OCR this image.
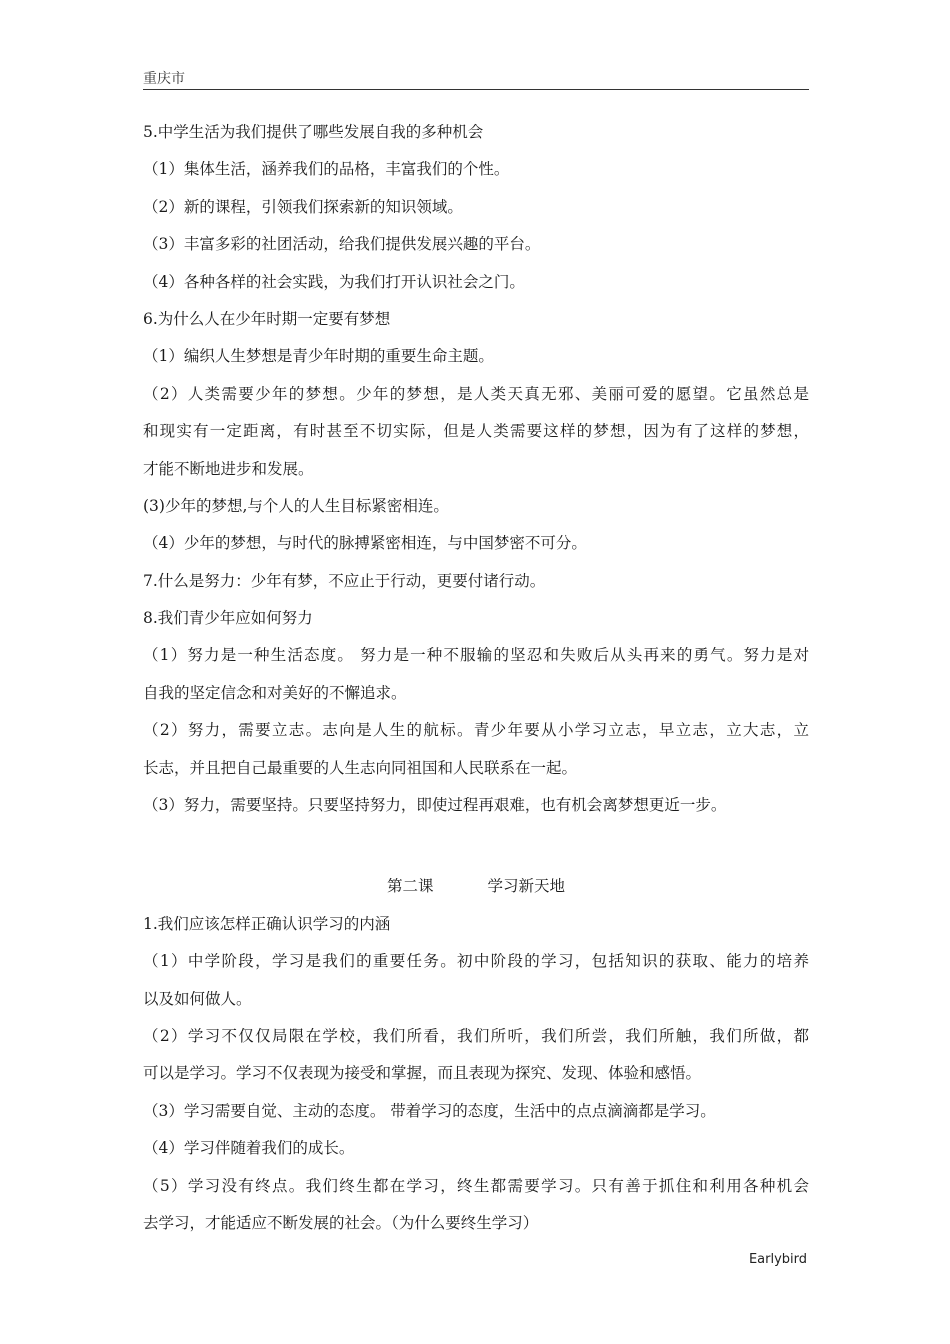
重庆市
5.中学生活为我们提供了哪些发展自我的多种机会
（1）集体生活，涵养我们的品格，丰富我们的个性。
（2）新的课程，引领我们探索新的知识领域。
（3）丰富多彩的社团活动，给我们提供发展兴趣的平台。
（4）各种各样的社会实践，为我们打开认识社会之门。
6.为什么人在少年时期一定要有梦想
（1）编织人生梦想是青少年时期的重要生命主题。
（2）人类需要少年的梦想。少年的梦想，是人类天真无邪、美丽可爱的愿望。它虽然总是
和现实有一定距离，有时甚至不切实际，但是人类需要这样的梦想，因为有了这样的梦想，
才能不断地进步和发展。
(3)少年的梦想,与个人的人生目标紧密相连。
（4）少年的梦想，与时代的脉搏紧密相连，与中国梦密不可分。
7.什么是努力：少年有梦，不应止于行动，更要付诸行动。
8.我们青少年应如何努力
（1）努力是一种生活态度。 努力是一种不服输的坚忍和失败后从头再来的勇气。努力是对
自我的坚定信念和对美好的不懈追求。
（2）努力，需要立志。志向是人生的航标。青少年要从小学习立志，早立志，立大志，立
长志，并且把自己最重要的人生志向同祖国和人民联系在一起。
（3）努力，需要坚持。只要坚持努力，即使过程再艰难，也有机会离梦想更近一步。
第二课	学习新天地
1.我们应该怎样正确认识学习的内涵
（1）中学阶段，学习是我们的重要任务。初中阶段的学习，包括知识的获取、能力的培养
以及如何做人。
（2）学习不仅仅局限在学校，我们所看，我们所听，我们所尝，我们所触，我们所做，都
可以是学习。学习不仅表现为接受和掌握，而且表现为探究、发现、体验和感悟。
（3）学习需要自觉、主动的态度。 带着学习的态度，生活中的点点滴滴都是学习。
（4）学习伴随着我们的成长。
（5）学习没有终点。我们终生都在学习，终生都需要学习。只有善于抓住和利用各种机会
去学习，才能适应不断发展的社会。（为什么要终生学习）
Earlybird
